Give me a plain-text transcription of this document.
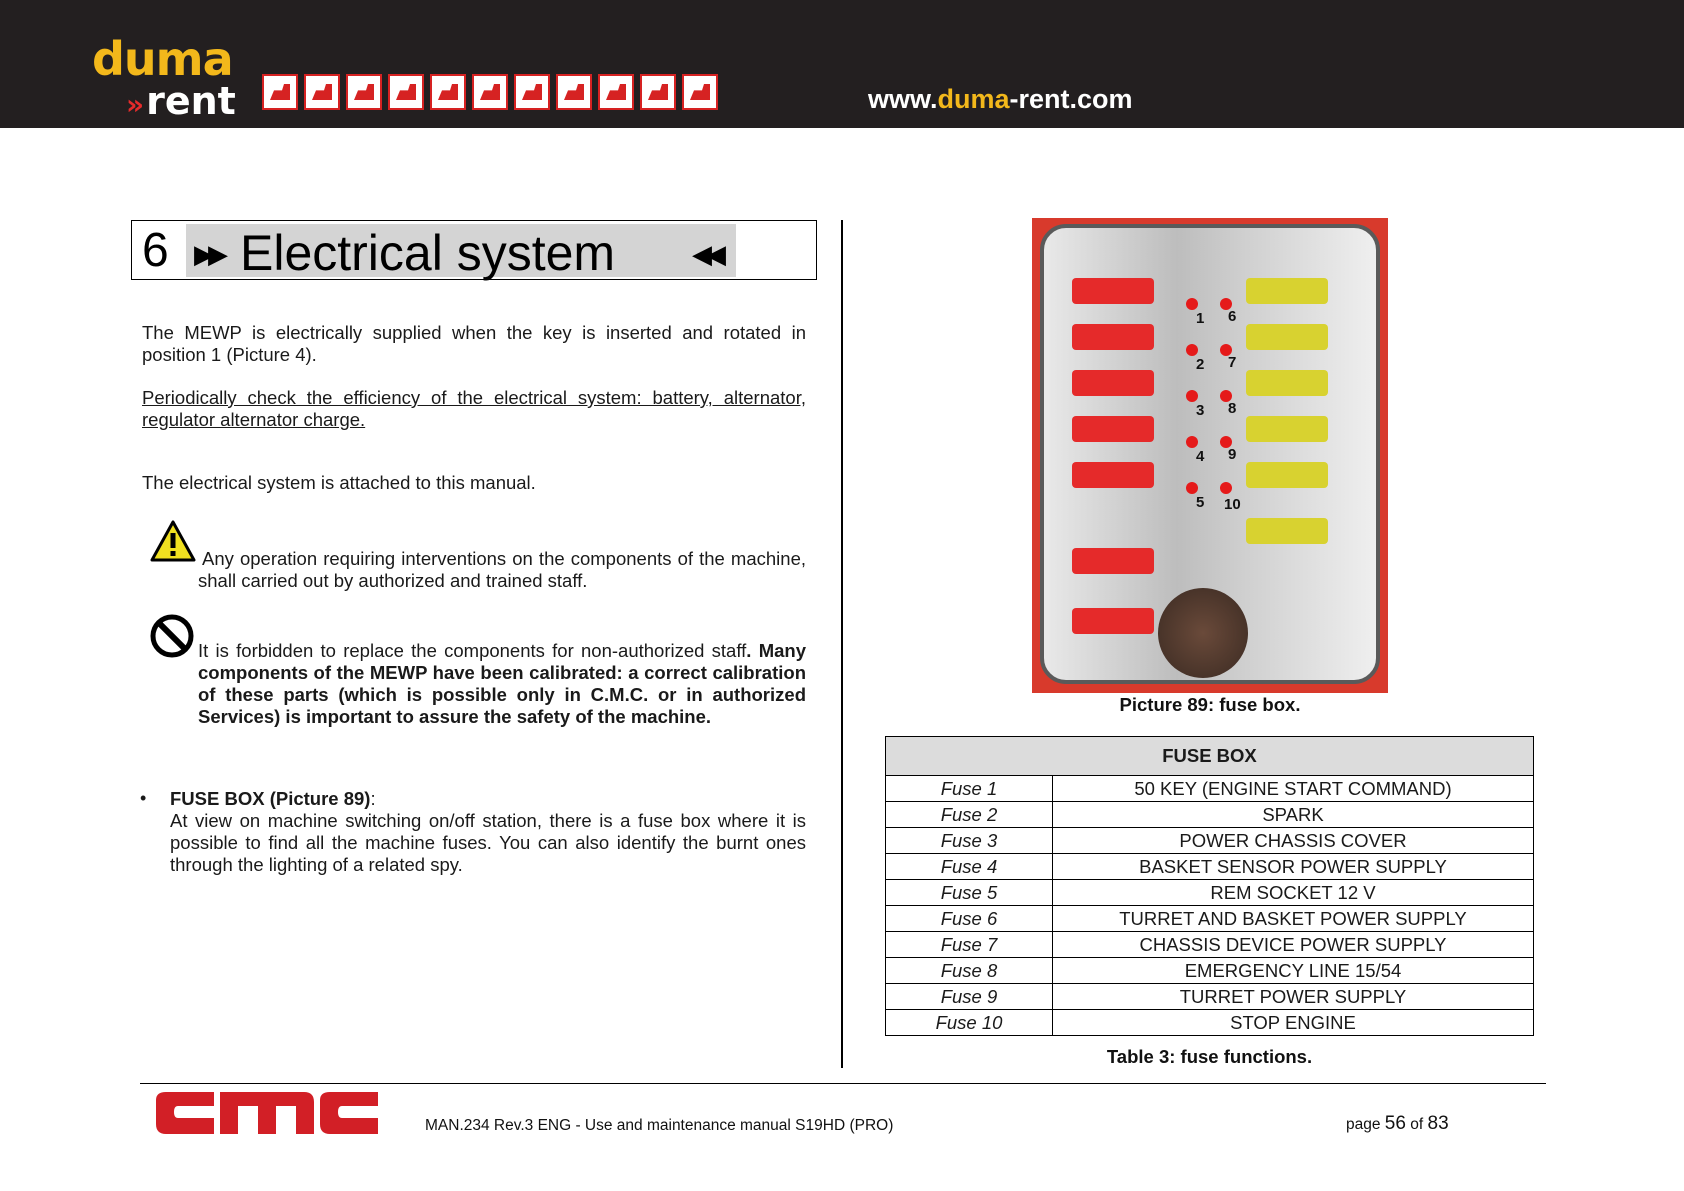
duma
»rent	www.duma-rent.com
6 ▶▶ Electrical system	◀◀
The MEWP is electrically supplied when the key is inserted and rotated in position 1 (Picture 4).
Periodically check the efficiency of the electrical system: battery, alternator, regulator alternator charge.
The electrical system is attached to this manual.
Any operation requiring interventions on the components of the machine, shall carried out by authorized and trained staff.
It is forbidden to replace the components for non-authorized staff. Many components of the MEWP have been calibrated: a correct calibration of these parts (which is possible only in C.M.C. or in authorized Services) is important to assure the safety of the machine.
• FUSE BOX (Picture 89):
At view on machine switching on/off station, there is a fuse box where it is possible to find all the machine fuses. You can also identify the burnt ones through the lighting of a related spy.
1
2
3
4
5
6
7
8
9
10
Picture 89: fuse box.
FUSE BOX	
Fuse 1	50 KEY (ENGINE START COMMAND)
Fuse 2	SPARK
Fuse 3	POWER CHASSIS COVER
Fuse 4	BASKET SENSOR POWER SUPPLY
Fuse 5	REM SOCKET 12 V
Fuse 6	TURRET AND BASKET POWER SUPPLY
Fuse 7	CHASSIS DEVICE POWER SUPPLY
Fuse 8	EMERGENCY LINE 15/54
Fuse 9	TURRET POWER SUPPLY
Fuse 10	STOP ENGINE
Table 3: fuse functions.
MAN.234 Rev.3 ENG - Use and maintenance manual S19HD (PRO)	page 56 of 83
